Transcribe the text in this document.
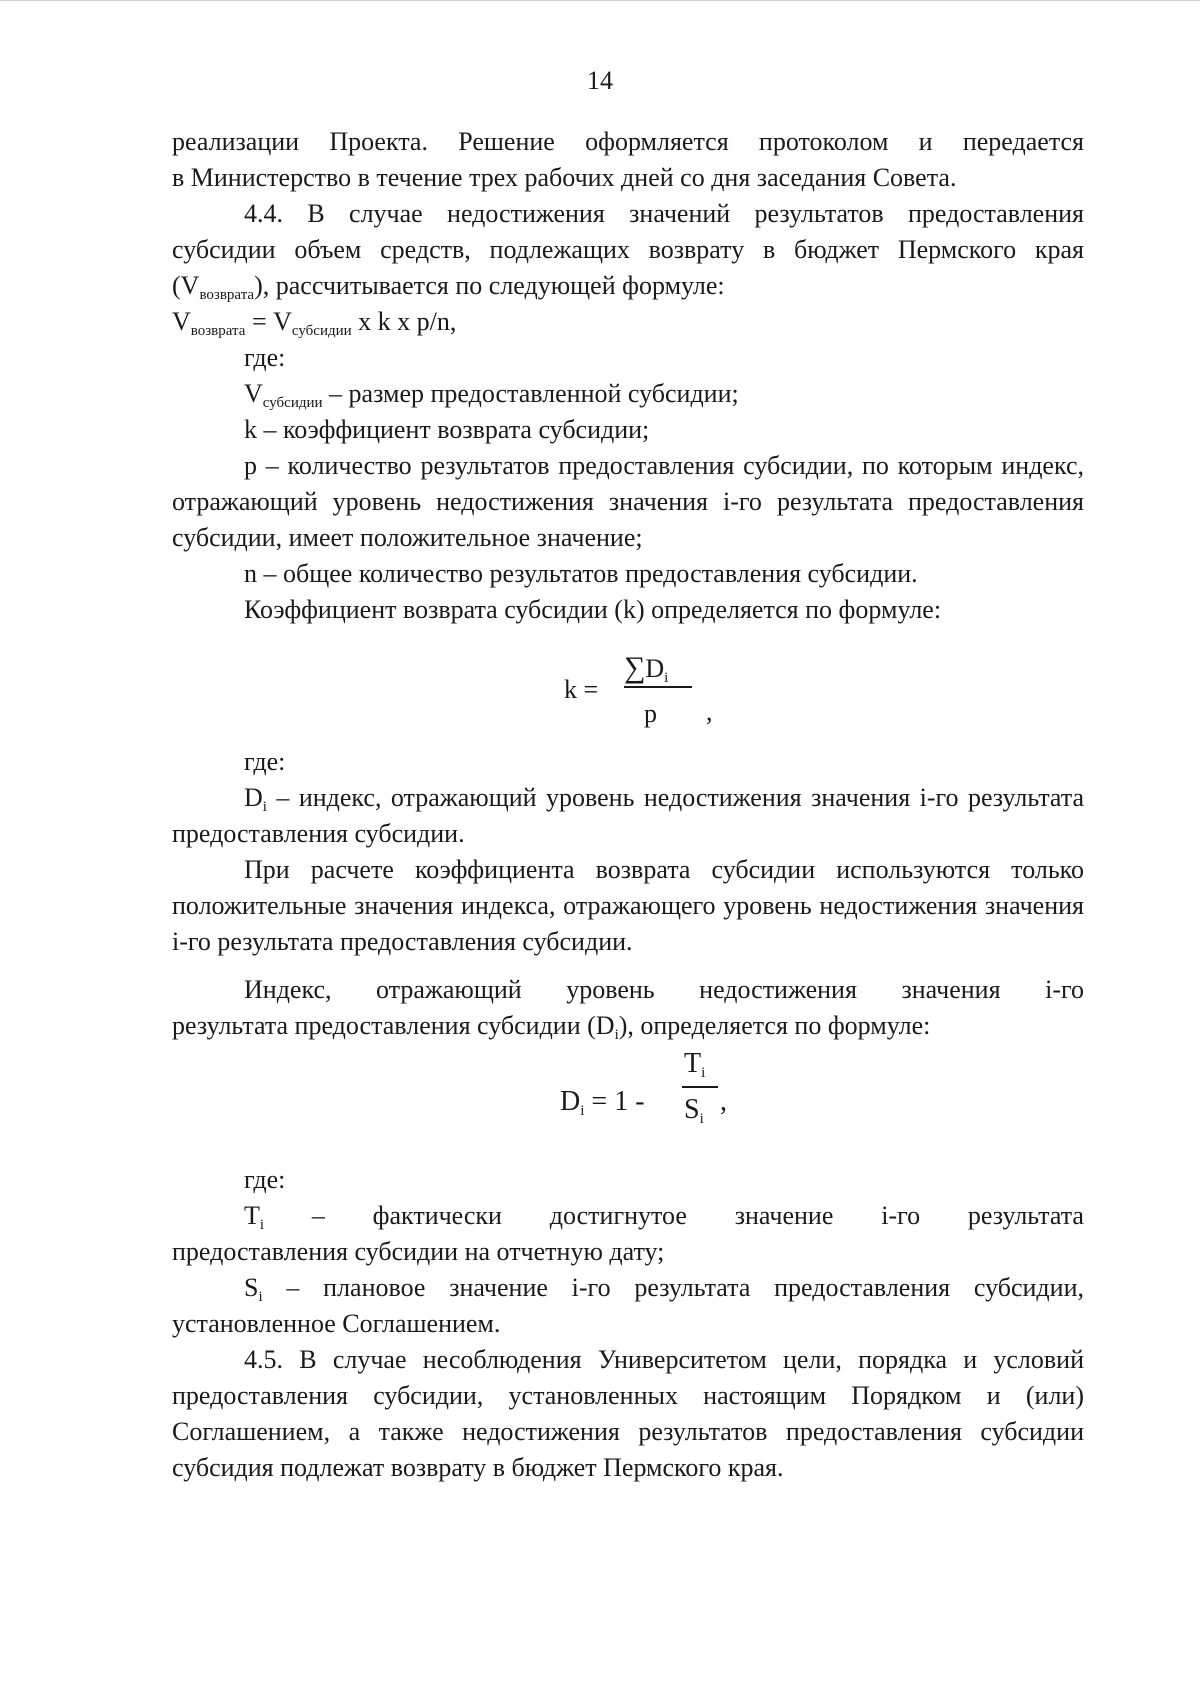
14

реализации Проекта. Решение оформляется протоколом и передается

в Министерство в течение трех рабочих дней со дня заседания Совета.

4.4. В случае недостижения значений результатов предоставления субсидии объем средств, подлежащих возврату в бюджет Пермского края $(V_{возврата})$, рассчитывается по следующей формуле:

$V_{возврата} = V_{субсидии}$ x k x p/n,

где:

$V_{субсидии}$ – размер предоставленной субсидии;

k – коэффициент возврата субсидии;

p – количество результатов предоставления субсидии, по которым индекс, отражающий уровень недостижения значения i-го результата предоставления субсидии, имеет положительное значение;

n – общее количество результатов предоставления субсидии.

Коэффициент возврата субсидии (k) определяется по формуле:

k =
$\sum D_i$
p ,

где:

$D_i$ – индекс, отражающий уровень недостижения значения i-го результата предоставления субсидии.

При расчете коэффициента возврата субсидии используются только положительные значения индекса, отражающего уровень недостижения значения i-го результата предоставления субсидии.

Индекс, отражающий уровень недостижения значения i-го

результата предоставления субсидии $(D_i)$, определяется по формуле:

$D_i = 1$ -
$T_i$
$S_i$
,

где:

$T_i$ – фактически достигнутое значение i-го результата

предоставления субсидии на отчетную дату;

$S_i$ – плановое значение i-го результата предоставления субсидии, установленное Соглашением.

4.5. В случае несоблюдения Университетом цели, порядка и условий предоставления субсидии, установленных настоящим Порядком и (или) Соглашением, а также недостижения результатов предоставления субсидии субсидия подлежат возврату в бюджет Пермского края.
